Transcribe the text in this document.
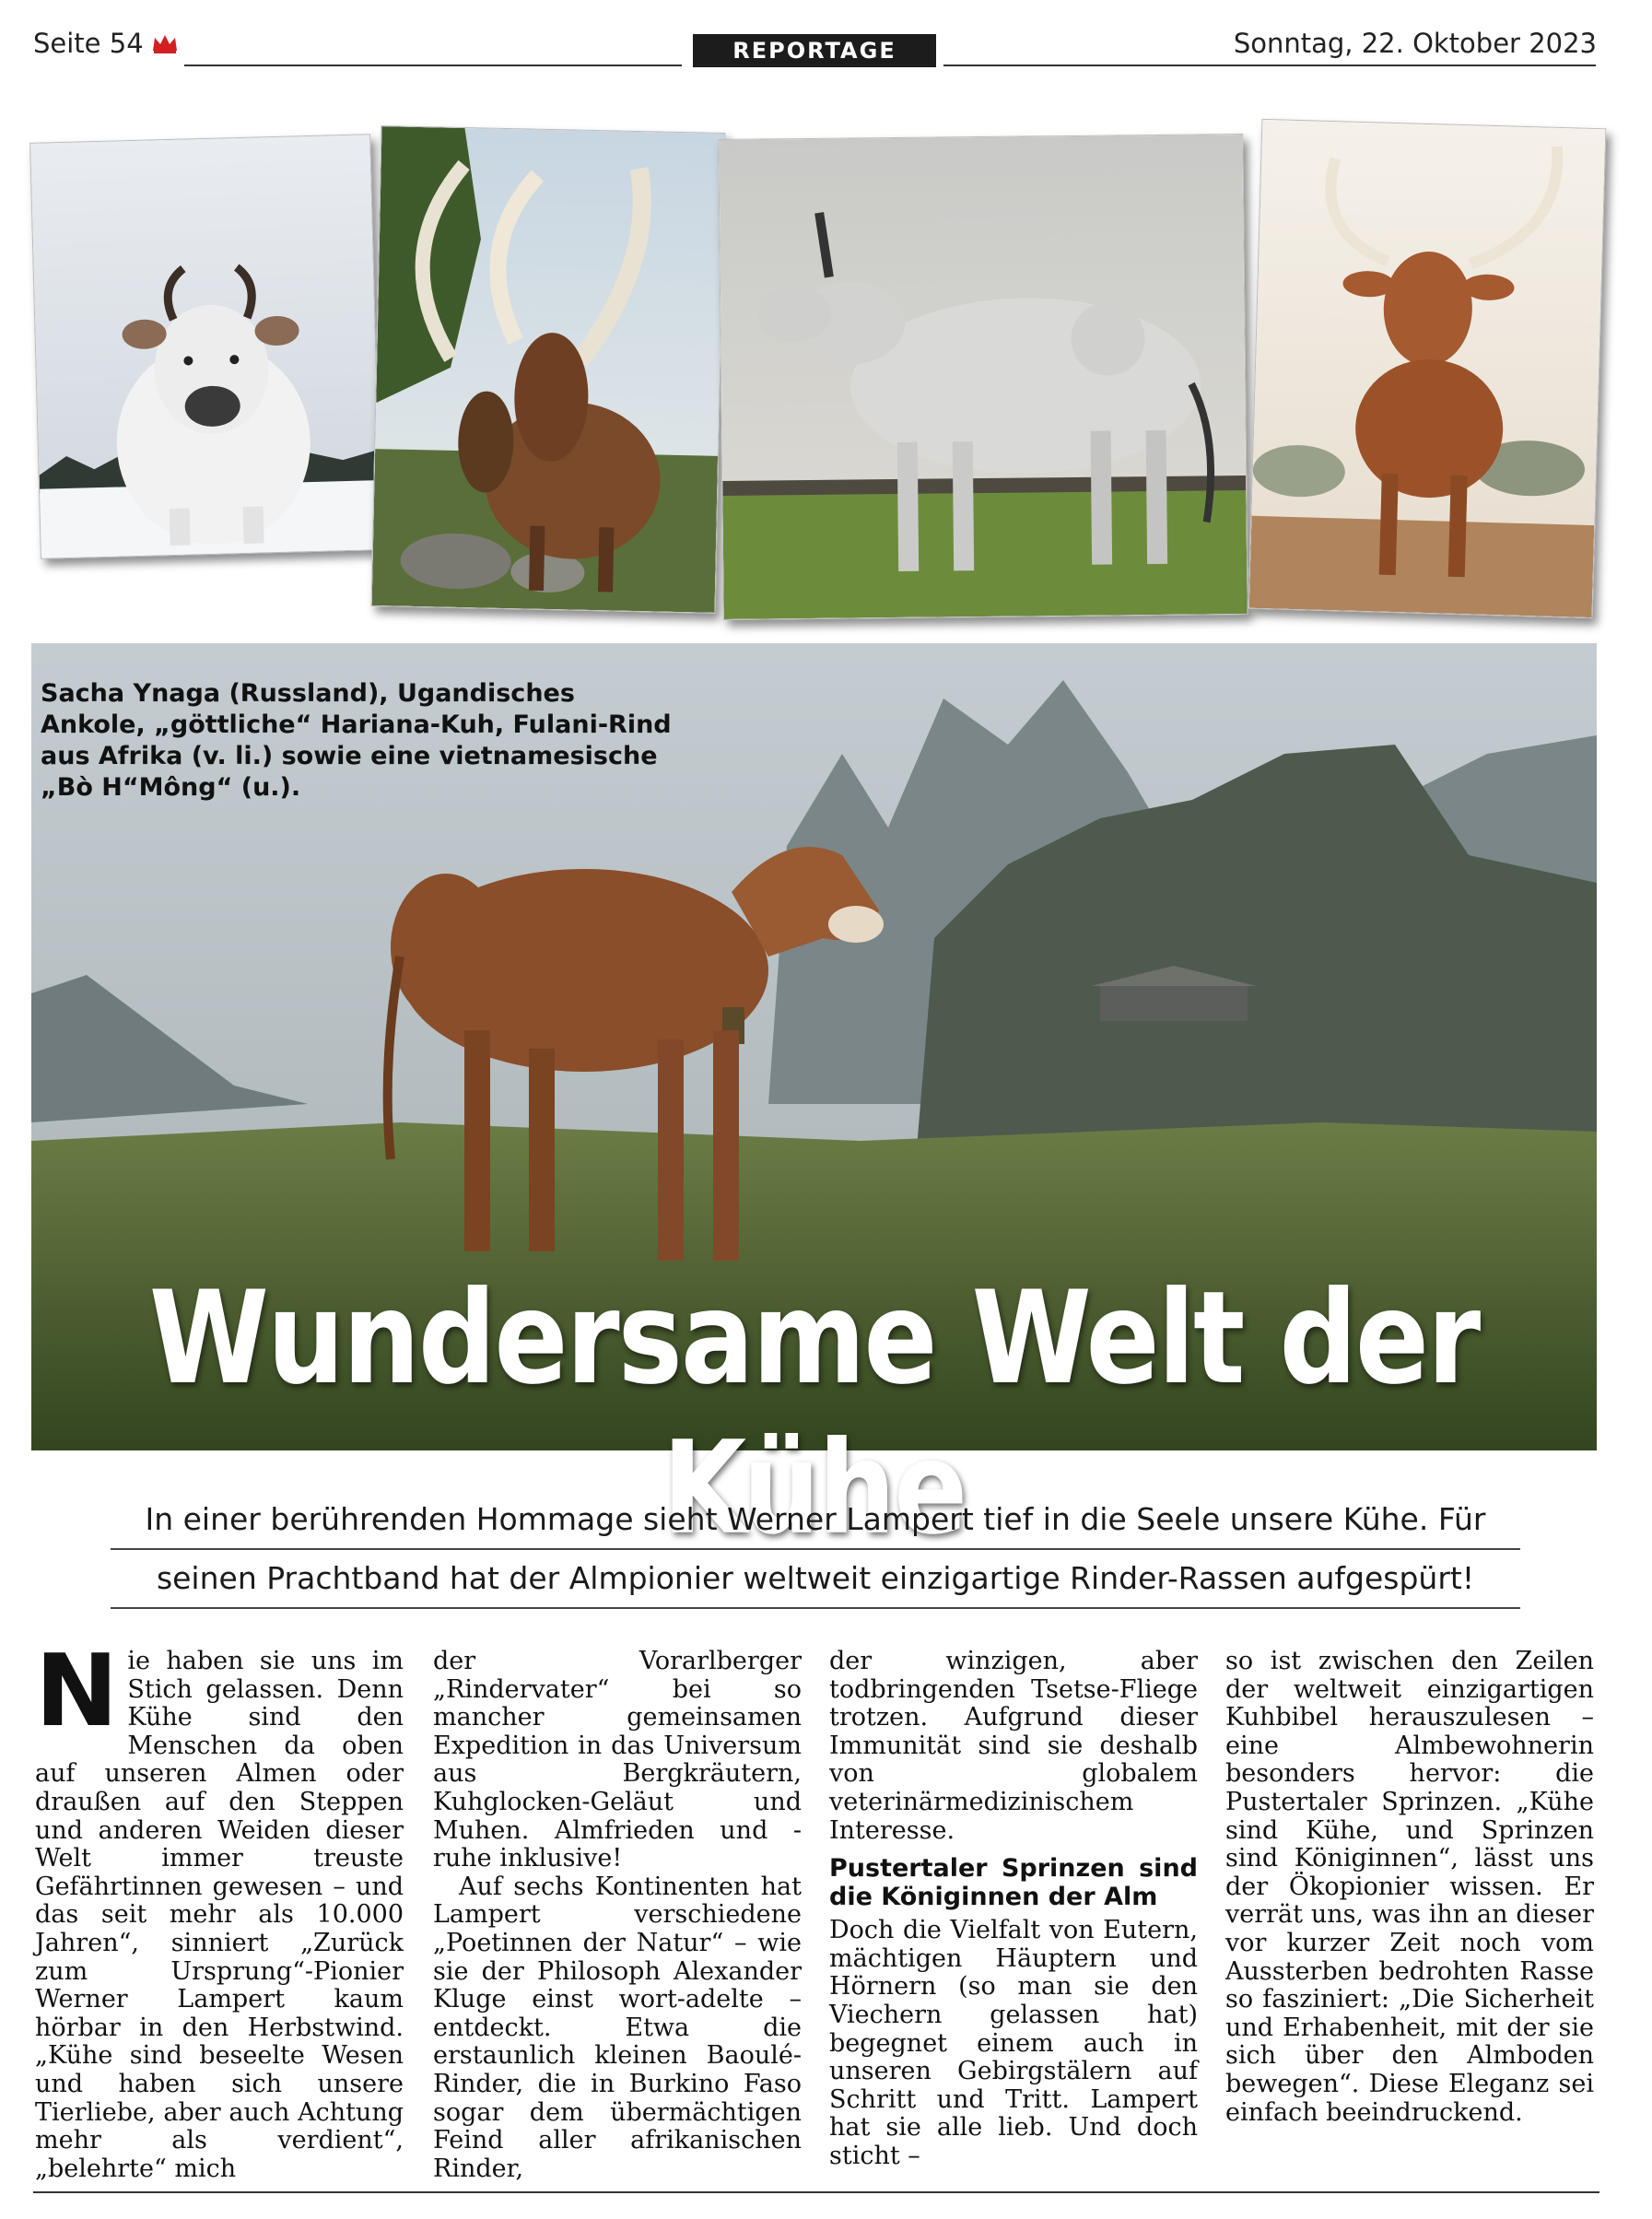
Seite 54	REPORTAGE	Sonntag, 22. Oktober 2023
Sacha Ynaga (Russland), Ugandisches Ankole, „göttliche“ Hariana-Kuh, Fulani-Rind aus Afrika (v. li.) sowie eine vietnamesische „Bò H“Mông“ (u.).
Wundersame Welt der Kühe
In einer berührenden Hommage sieht Werner Lampert tief in die Seele unsere Kühe. Für
seinen Prachtband hat der Almpionier weltweit einzigartige Rinder-Rassen aufgespürt!
N ie haben sie uns im Stich gelassen. Denn Kühe sind den Menschen da oben auf unseren Almen oder draußen auf den Steppen und anderen Weiden dieser Welt immer treuste Gefährtinnen gewesen – und das seit mehr als 10.000 Jahren“, sinniert „Zurück zum Ursprung“-Pionier Werner Lampert kaum hörbar in den Herbstwind. „Kühe sind beseelte Wesen und haben sich unsere Tierliebe, aber auch Achtung mehr als verdient“, „belehrte“ mich

der Vorarlberger „Rindervater“ bei so mancher gemeinsamen Expedition in das Universum aus Bergkräutern, Kuhglocken-Geläut und Muhen. Almfrieden und -ruhe inklusive!

Auf sechs Kontinenten hat Lampert verschiedene „Poetinnen der Natur“ – wie sie der Philosoph Alexander Kluge einst wort-adelte – entdeckt. Etwa die erstaunlich kleinen Baoulé-Rinder, die in Burkino Faso sogar dem übermächtigen Feind aller afrikanischen Rinder,

der winzigen, aber todbringenden Tsetse-Fliege trotzen. Aufgrund dieser Immunität sind sie deshalb von globalem veterinärmedizinischem Interesse.

Pustertaler Sprinzen sind die Königinnen der Alm

Doch die Vielfalt von Eutern, mächtigen Häuptern und Hörnern (so man sie den Viechern gelassen hat) begegnet einem auch in unseren Gebirgstälern auf Schritt und Tritt. Lampert hat sie alle lieb. Und doch sticht –

so ist zwischen den Zeilen der weltweit einzigartigen Kuhbibel herauszulesen – eine Almbewohnerin besonders hervor: die Pustertaler Sprinzen. „Kühe sind Kühe, und Sprinzen sind Königinnen“, lässt uns der Ökopionier wissen. Er verrät uns, was ihn an dieser vor kurzer Zeit noch vom Aussterben bedrohten Rasse so fasziniert: „Die Sicherheit und Erhabenheit, mit der sie sich über den Almboden bewegen“. Diese Eleganz sei einfach beeindruckend.
